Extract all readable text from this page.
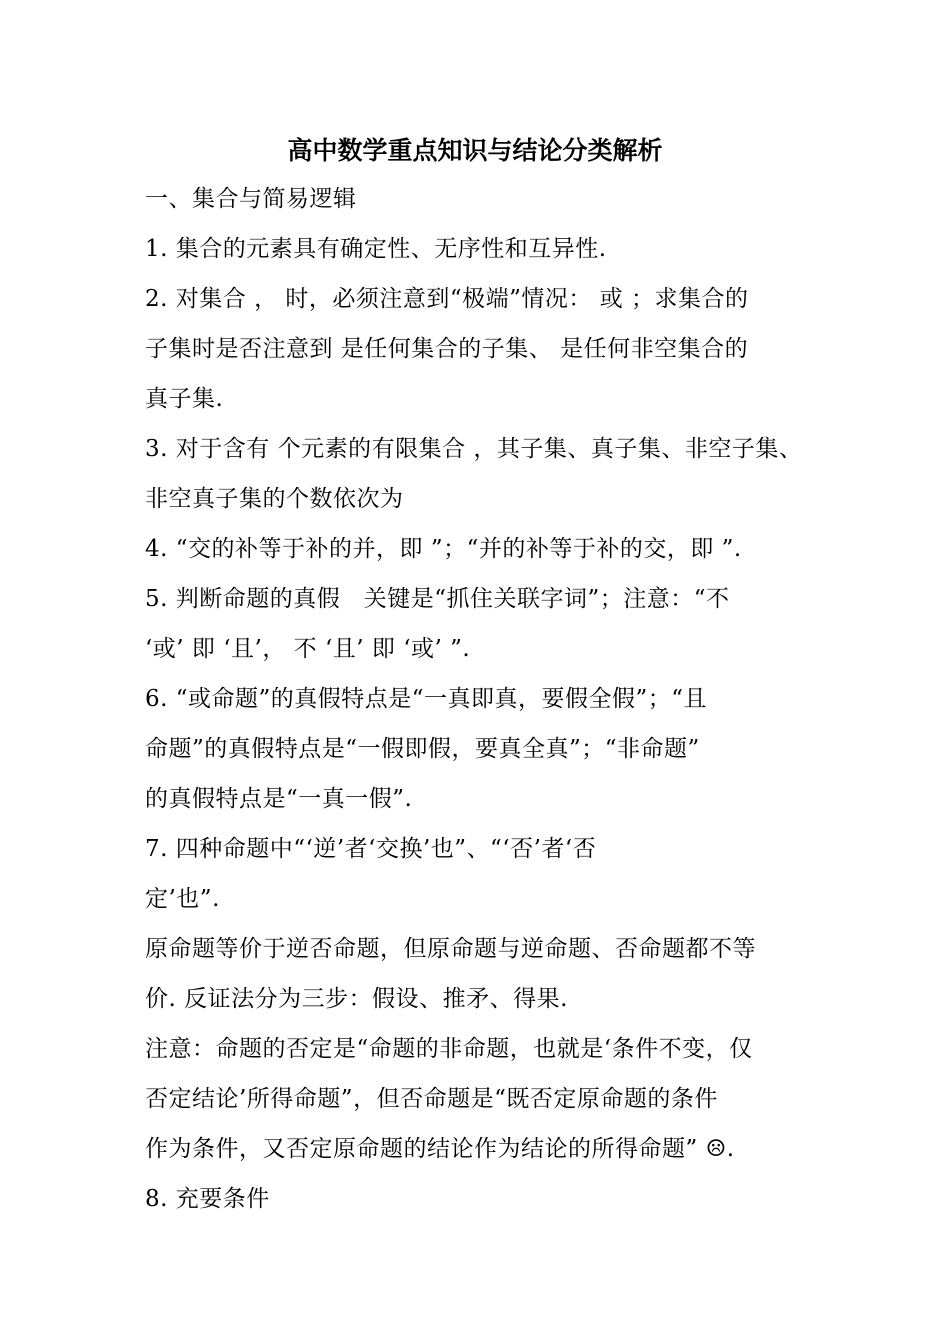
高中数学重点知识与结论分类解析
一、集合与简易逻辑
1. 集合的元素具有确定性、无序性和互异性.
2. 对集合 ， 时，必须注意到“极端”情况： 或 ；求集合的
子集时是否注意到 是任何集合的子集、 是任何非空集合的
真子集.
3. 对于含有 个元素的有限集合 ，其子集、真子集、非空子集、
非空真子集的个数依次为
4. “交的补等于补的并，即 ”；“并的补等于补的交，即 ”.
5. 判断命题的真假　关键是“抓住关联字词”；注意：“不
‘或’ 即 ‘且’， 不 ‘且’ 即 ‘或’ ”.
6. “或命题”的真假特点是“一真即真，要假全假”；“且
命题”的真假特点是“一假即假，要真全真”；“非命题”
的真假特点是“一真一假”.
7. 四种命题中“‘逆’者‘交换’也”、“‘否’者‘否
定’也”.
原命题等价于逆否命题，但原命题与逆命题、否命题都不等
价. 反证法分为三步：假设、推矛、得果.
注意：命题的否定是“命题的非命题，也就是‘条件不变，仅
否定结论’所得命题”，但否命题是“既否定原命题的条件
作为条件，又否定原命题的结论作为结论的所得命题” ☹.
8. 充要条件
